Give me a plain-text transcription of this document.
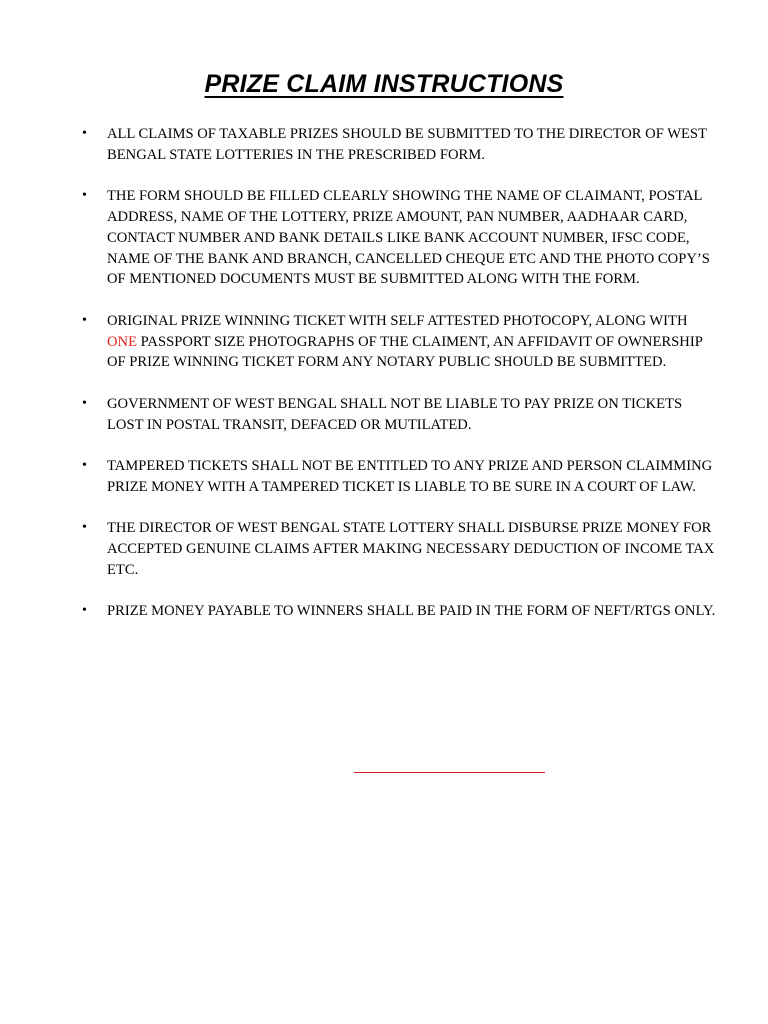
PRIZE CLAIM INSTRUCTIONS
• ALL CLAIMS OF TAXABLE PRIZES SHOULD BE SUBMITTED TO THE DIRECTOR OF WEST BENGAL STATE LOTTERIES IN THE PRESCRIBED FORM.
• THE FORM SHOULD BE FILLED CLEARLY SHOWING THE NAME OF CLAIMANT, POSTAL ADDRESS, NAME OF THE LOTTERY, PRIZE AMOUNT, PAN NUMBER, AADHAAR CARD, CONTACT NUMBER AND BANK DETAILS LIKE BANK ACCOUNT NUMBER, IFSC CODE, NAME OF THE BANK AND BRANCH, CANCELLED CHEQUE ETC AND THE PHOTO COPY’S OF MENTIONED DOCUMENTS MUST BE SUBMITTED ALONG WITH THE FORM.
• ORIGINAL PRIZE WINNING TICKET WITH SELF ATTESTED PHOTOCOPY, ALONG WITH ONE PASSPORT SIZE PHOTOGRAPHS OF THE CLAIMENT, AN AFFIDAVIT OF OWNERSHIP OF PRIZE WINNING TICKET FORM ANY NOTARY PUBLIC SHOULD BE SUBMITTED.
• GOVERNMENT OF WEST BENGAL SHALL NOT BE LIABLE TO PAY PRIZE ON TICKETS LOST IN POSTAL TRANSIT, DEFACED OR MUTILATED.
• TAMPERED TICKETS SHALL NOT BE ENTITLED TO ANY PRIZE AND PERSON CLAIMMING PRIZE MONEY WITH A TAMPERED TICKET IS LIABLE TO BE SURE IN A COURT OF LAW.
• THE DIRECTOR OF WEST BENGAL STATE LOTTERY SHALL DISBURSE PRIZE MONEY FOR ACCEPTED GENUINE CLAIMS AFTER MAKING NECESSARY DEDUCTION OF INCOME TAX ETC.
• PRIZE MONEY PAYABLE TO WINNERS SHALL BE PAID IN THE FORM OF NEFT/RTGS ONLY.
